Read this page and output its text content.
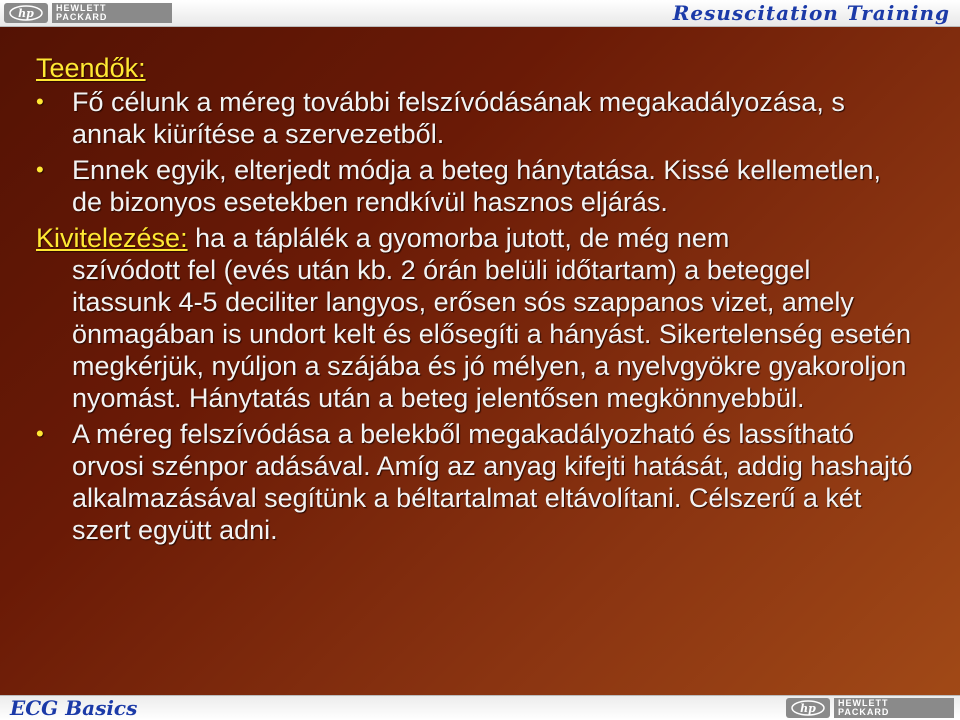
hp HEWLETT
PACKARD	Resuscitation Training
Teendők:
•	Fő célunk a méreg további felszívódásának megakadályozása, s annak kiürítése a szervezetből.
•	Ennek egyik, elterjedt módja a beteg hánytatása. Kissé kellemetlen, de bizonyos esetekben rendkívül hasznos eljárás.
Kivitelezése: ha a táplálék a gyomorba jutott, de még nem
szívódott fel (evés után kb. 2 órán belüli időtartam) a beteggel itassunk 4-5 deciliter langyos, erősen sós szappanos vizet, amely önmagában is undort kelt és elősegíti a hányást. Sikertelenség esetén megkérjük, nyúljon a szájába és jó mélyen, a nyelvgyökre gyakoroljon nyomást. Hánytatás után a beteg jelentősen megkönnyebbül.
•	A méreg felszívódása a belekből megakadályozható és lassítható orvosi szénpor adásával. Amíg az anyag kifejti hatását, addig hashajtó alkalmazásával segítünk a béltartalmat eltávolítani. Célszerű a két szert együtt adni.
ECG Basics	hp HEWLETT
PACKARD
